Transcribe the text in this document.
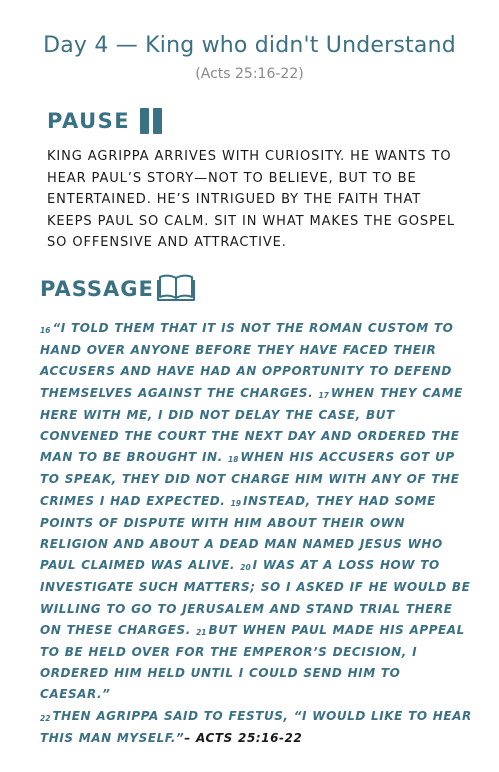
Day 4 — King who didn't Understand
(Acts 25:16-22)
PAUSE
KING AGRIPPA ARRIVES WITH CURIOSITY. HE WANTS TO HEAR PAUL’S STORY—NOT TO BELIEVE, BUT TO BE ENTERTAINED. HE’S INTRIGUED BY THE FAITH THAT KEEPS PAUL SO CALM. SIT IN WHAT MAKES THE GOSPEL SO OFFENSIVE AND ATTRACTIVE.
PASSAGE
16 “I TOLD THEM THAT IT IS NOT THE ROMAN CUSTOM TO HAND OVER ANYONE BEFORE THEY HAVE FACED THEIR ACCUSERS AND HAVE HAD AN OPPORTUNITY TO DEFEND THEMSELVES AGAINST THE CHARGES. 17 WHEN THEY CAME HERE WITH ME, I DID NOT DELAY THE CASE, BUT CONVENED THE COURT THE NEXT DAY AND ORDERED THE MAN TO BE BROUGHT IN. 18 WHEN HIS ACCUSERS GOT UP TO SPEAK, THEY DID NOT CHARGE HIM WITH ANY OF THE CRIMES I HAD EXPECTED. 19 INSTEAD, THEY HAD SOME POINTS OF DISPUTE WITH HIM ABOUT THEIR OWN RELIGION AND ABOUT A DEAD MAN NAMED JESUS WHO PAUL CLAIMED WAS ALIVE. 20 I WAS AT A LOSS HOW TO INVESTIGATE SUCH MATTERS; SO I ASKED IF HE WOULD BE WILLING TO GO TO JERUSALEM AND STAND TRIAL THERE ON THESE CHARGES. 21 BUT WHEN PAUL MADE HIS APPEAL TO BE HELD OVER FOR THE EMPEROR’S DECISION, I ORDERED HIM HELD UNTIL I COULD SEND HIM TO CAESAR.”
22 THEN AGRIPPA SAID TO FESTUS, “I WOULD LIKE TO HEAR THIS MAN MYSELF.”– ACTS 25:16-22
